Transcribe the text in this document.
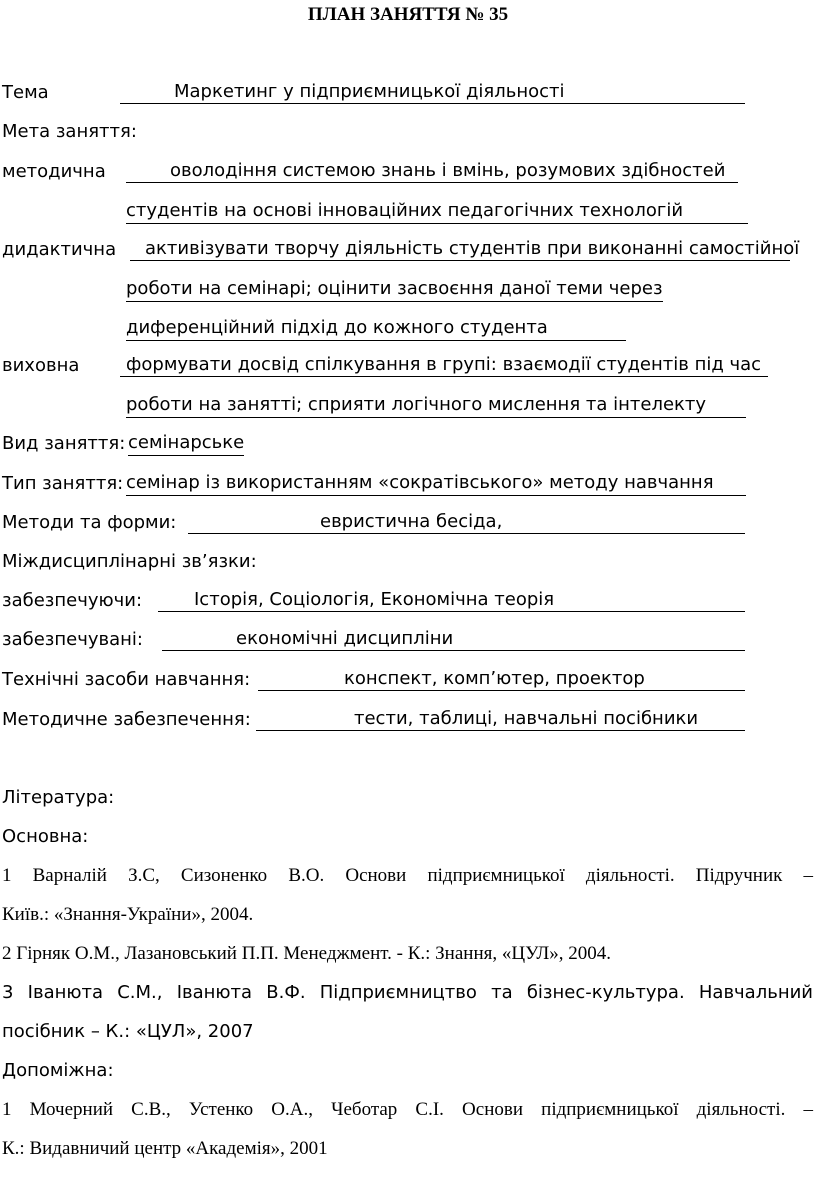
ПЛАН ЗАНЯТТЯ № 35
Тема	Маркетинг у підприємницької діяльності
Мета заняття:
методична	оволодіння системою знань і вмінь, розумових здібностей
студентів на основі інноваційних педагогічних технологій
дидактична	активізувати творчу діяльність студентів при виконанні самостійної
роботи на семінарі; оцінити засвоєння даної теми через
диференційний підхід до кожного студента
виховна	формувати досвід спілкування в групі: взаємодії студентів під час
роботи на занятті; сприяти логічного мислення та інтелекту
Вид заняття: семінарське
Тип заняття: семінар із використанням «сократівського» методу навчання
Методи та форми:	евристична бесіда,
Міждисциплінарні зв’язки:
забезпечуючи:	Історія, Соціологія, Економічна теорія
забезпечувані:	економічні дисципліни
Технічні засоби навчання:	конспект, комп’ютер, проектор
Методичне забезпечення:	тести, таблиці, навчальні посібники
Література:
Основна:
1 Варналій З.С, Сизоненко В.О. Основи підприємницької діяльності. Підручник –
Київ.: «Знання-України», 2004.
2 Гірняк О.М., Лазановський П.П. Менеджмент. - К.: Знання, «ЦУЛ», 2004.
3 Іванюта С.М., Іванюта В.Ф. Підприємництво та бізнес-культура. Навчальний
посібник – К.: «ЦУЛ», 2007
Допоміжна:
1 Мочерний С.В., Устенко О.А., Чеботар С.І. Основи підприємницької діяльності. –
К.: Видавничий центр «Академія», 2001
